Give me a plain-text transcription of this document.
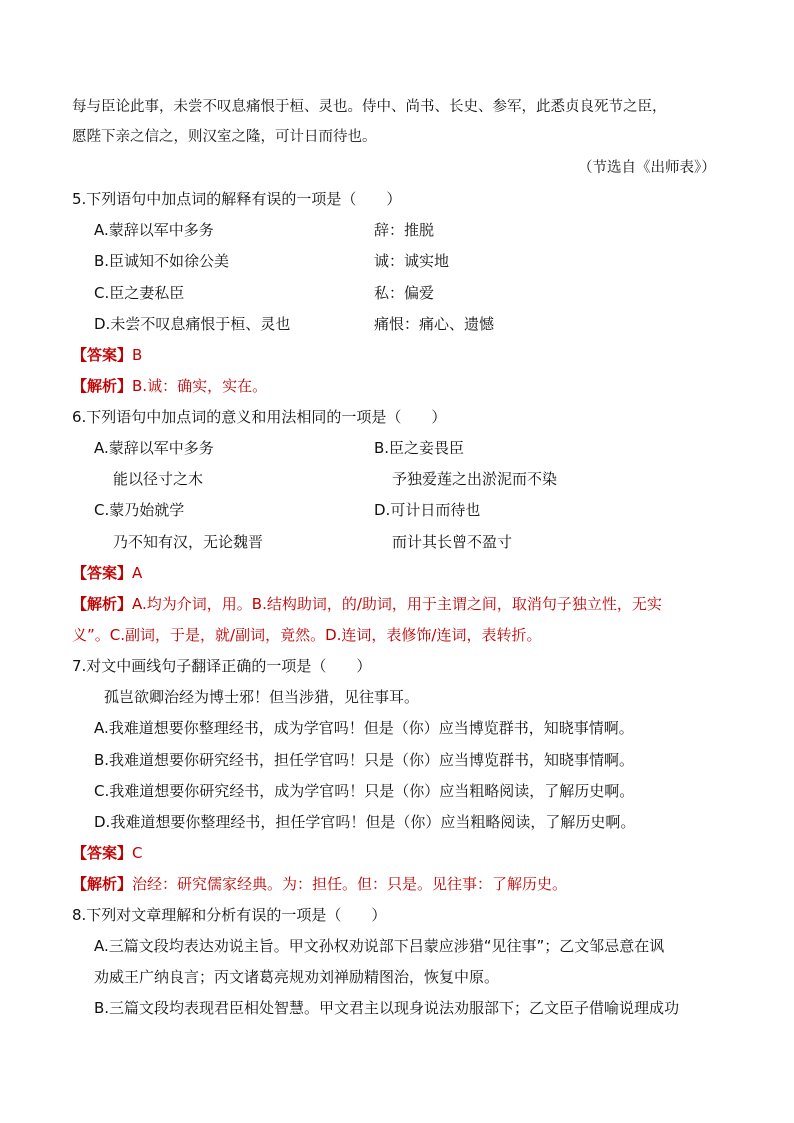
每与臣论此事，未尝不叹息痛恨于桓、灵也。侍中、尚书、长史、参军，此悉贞良死节之臣，
愿陛下亲之信之，则汉室之隆，可计日而待也。
（节选自《出师表》）
5.下列语句中加点词的解释有误的一项是（　　）
A.蒙辞以军中多务	辞：推脱
B.臣诚知不如徐公美	诚：诚实地
C.臣之妻私臣	私：偏爱
D.未尝不叹息痛恨于桓、灵也	痛恨：痛心、遗憾
【答案】B
【解析】B.诚：确实，实在。
6.下列语句中加点词的意义和用法相同的一项是（　　）
A.蒙辞以军中多务	B.臣之妾畏臣
能以径寸之木	予独爱莲之出淤泥而不染
C.蒙乃始就学	D.可计日而待也
乃不知有汉，无论魏晋	而计其长曾不盈寸
【答案】A
【解析】A.均为介词，用。B.结构助词，的/助词，用于主谓之间，取消句子独立性，无实
义”。C.副词，于是，就/副词，竟然。D.连词，表修饰/连词，表转折。
7.对文中画线句子翻译正确的一项是（　　）
孤岂欲卿治经为博士邪！但当涉猎，见往事耳。
A.我难道想要你整理经书，成为学官吗！但是（你）应当博览群书，知晓事情啊。
B.我难道想要你研究经书，担任学官吗！只是（你）应当博览群书，知晓事情啊。
C.我难道想要你研究经书，成为学官吗！只是（你）应当粗略阅读，了解历史啊。
D.我难道想要你整理经书，担任学官吗！但是（你）应当粗略阅读，了解历史啊。
【答案】C
【解析】治经：研究儒家经典。为：担任。但：只是。见往事：了解历史。
8.下列对文章理解和分析有误的一项是（　　）
A.三篇文段均表达劝说主旨。甲文孙权劝说部下吕蒙应涉猎“见往事”；乙文邹忌意在讽
劝威王广纳良言；丙文诸葛亮规劝刘禅励精图治，恢复中原。
B.三篇文段均表现君臣相处智慧。甲文君主以现身说法劝服部下；乙文臣子借喻说理成功
